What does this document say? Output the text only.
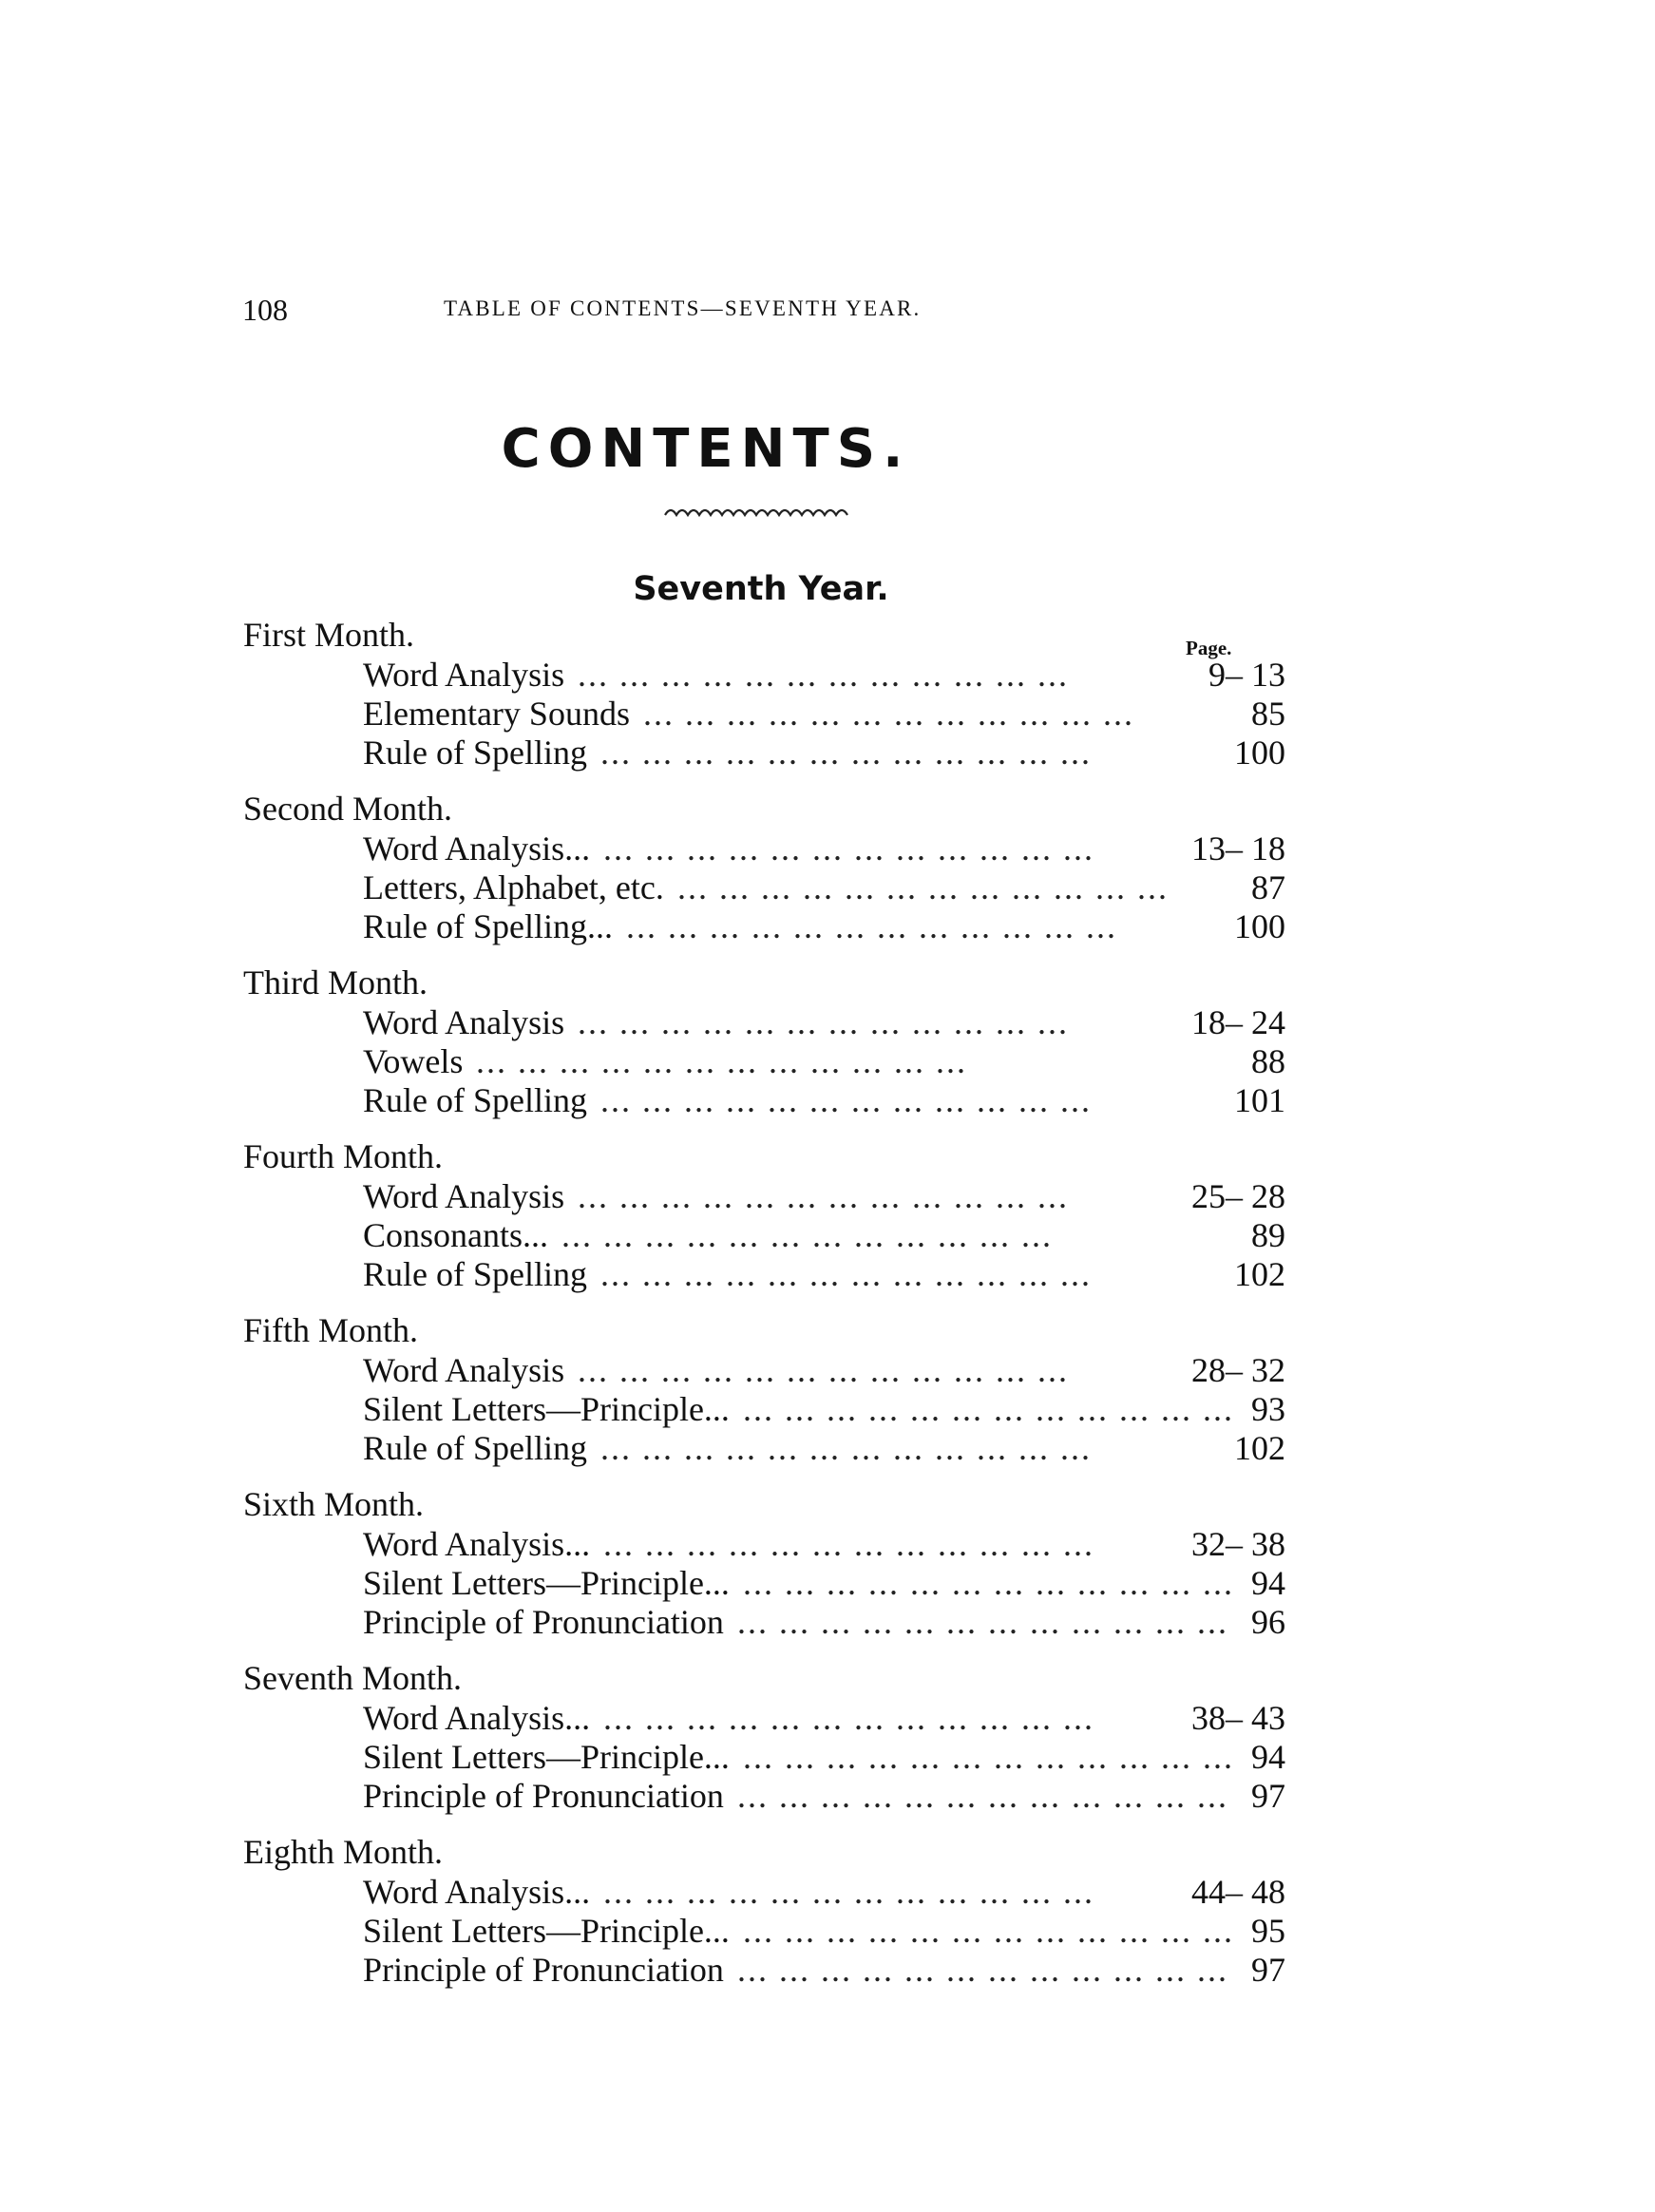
108	TABLE OF CONTENTS—SEVENTH YEAR.
CONTENTS.
Seventh Year.
Page.
First Month.
Word Analysis ... ... ... ... ... ... ... ... ... ... ... ...	9– 13
Elementary Sounds ... ... ... ... ... ... ... ... ... ... ... ...	85
Rule of Spelling ... ... ... ... ... ... ... ... ... ... ... ...	100
Second Month.
Word Analysis... ... ... ... ... ... ... ... ... ... ... ... ...	13– 18
Letters, Alphabet, etc. ... ... ... ... ... ... ... ... ... ... ... ...	87
Rule of Spelling... ... ... ... ... ... ... ... ... ... ... ... ...	100
Third Month.
Word Analysis ... ... ... ... ... ... ... ... ... ... ... ...	18– 24
Vowels ... ... ... ... ... ... ... ... ... ... ... ...	88
Rule of Spelling ... ... ... ... ... ... ... ... ... ... ... ...	101
Fourth Month.
Word Analysis ... ... ... ... ... ... ... ... ... ... ... ...	25– 28
Consonants... ... ... ... ... ... ... ... ... ... ... ... ...	89
Rule of Spelling ... ... ... ... ... ... ... ... ... ... ... ...	102
Fifth Month.
Word Analysis ... ... ... ... ... ... ... ... ... ... ... ...	28– 32
Silent Letters—Principle... ... ... ... ... ... ... ... ... ... ... ... ... 93
Rule of Spelling ... ... ... ... ... ... ... ... ... ... ... ...	102
Sixth Month.
Word Analysis... ... ... ... ... ... ... ... ... ... ... ... ...	32– 38
Silent Letters—Principle... ... ... ... ... ... ... ... ... ... ... ... ... 94
Principle of Pronunciation ... ... ... ... ... ... ... ... ... ... ... ... 96
Seventh Month.
Word Analysis... ... ... ... ... ... ... ... ... ... ... ... ...	38– 43
Silent Letters—Principle... ... ... ... ... ... ... ... ... ... ... ... ... 94
Principle of Pronunciation ... ... ... ... ... ... ... ... ... ... ... ... 97
Eighth Month.
Word Analysis... ... ... ... ... ... ... ... ... ... ... ... ...	44– 48
Silent Letters—Principle... ... ... ... ... ... ... ... ... ... ... ... ... 95
Principle of Pronunciation ... ... ... ... ... ... ... ... ... ... ... ... 97
